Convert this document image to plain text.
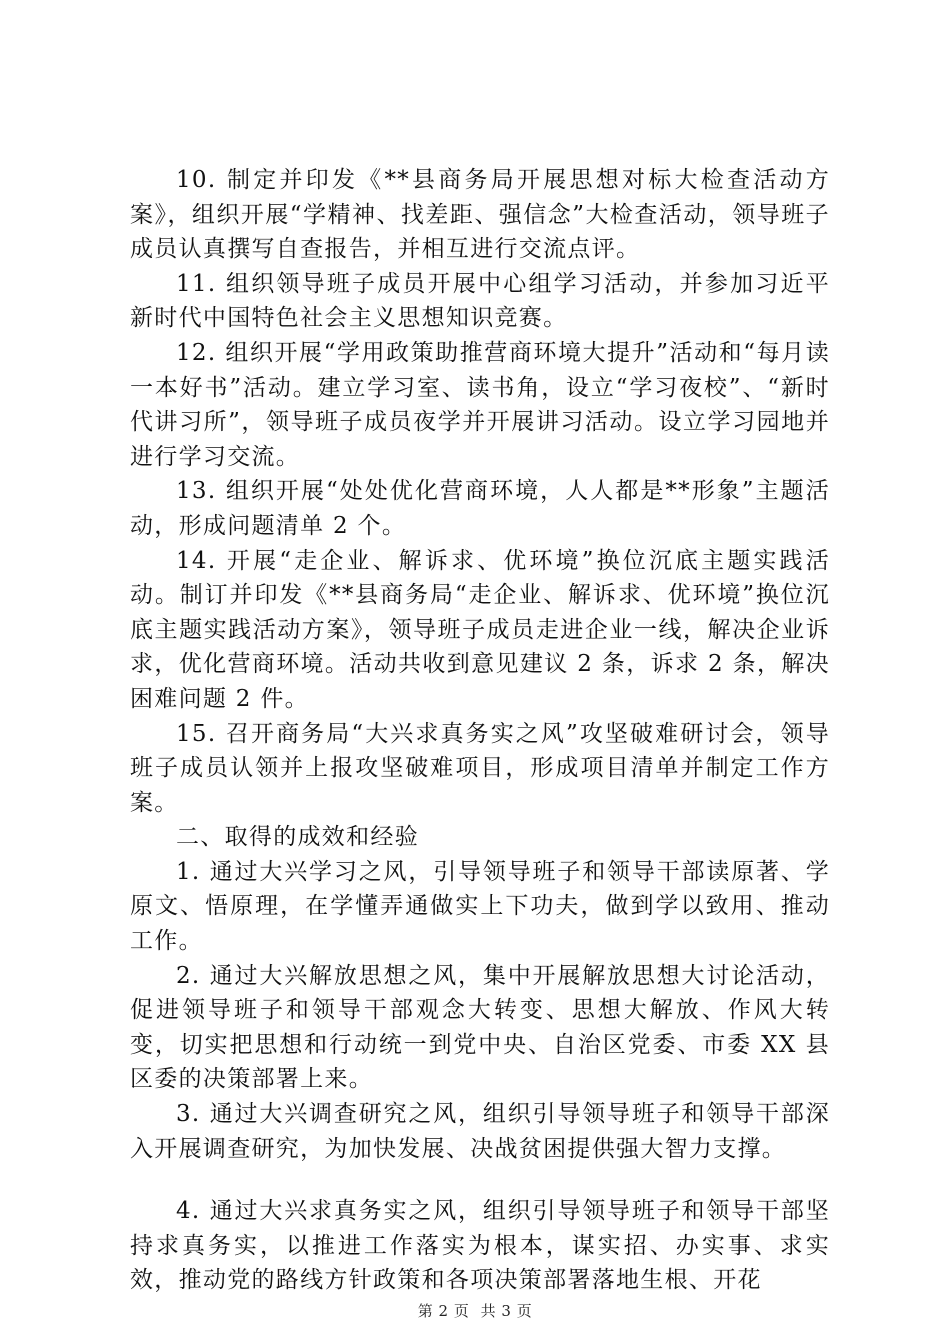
10. 制定并印发《**县商务局开展思想对标大检查活动方案》，组织开展“学精神、找差距、强信念”大检查活动，领导班子成员认真撰写自查报告，并相互进行交流点评。

11. 组织领导班子成员开展中心组学习活动，并参加习近平新时代中国特色社会主义思想知识竞赛。

12. 组织开展“学用政策助推营商环境大提升”活动和“每月读一本好书”活动。建立学习室、读书角，设立“学习夜校”、“新时代讲习所”，领导班子成员夜学并开展讲习活动。设立学习园地并进行学习交流。

13. 组织开展“处处优化营商环境，人人都是**形象”主题活动，形成问题清单 2 个。

14. 开展“走企业、解诉求、优环境”换位沉底主题实践活动。制订并印发《**县商务局“走企业、解诉求、优环境”换位沉底主题实践活动方案》，领导班子成员走进企业一线，解决企业诉求，优化营商环境。活动共收到意见建议 2 条，诉求 2 条，解决困难问题 2 件。

15. 召开商务局“大兴求真务实之风”攻坚破难研讨会，领导班子成员认领并上报攻坚破难项目，形成项目清单并制定工作方案。

二、取得的成效和经验

1. 通过大兴学习之风，引导领导班子和领导干部读原著、学原文、悟原理，在学懂弄通做实上下功夫，做到学以致用、推动工作。

2. 通过大兴解放思想之风，集中开展解放思想大讨论活动，促进领导班子和领导干部观念大转变、思想大解放、作风大转变，切实把思想和行动统一到党中央、自治区党委、市委 XX 县区委的决策部署上来。

3. 通过大兴调查研究之风，组织引导领导班子和领导干部深入开展调查研究，为加快发展、决战贫困提供强大智力支撑。

4. 通过大兴求真务实之风，组织引导领导班子和领导干部坚持求真务实，以推进工作落实为根本，谋实招、办实事、求实效，推动党的路线方针政策和各项决策部署落地生根、开花

第 2 页 共 3 页
